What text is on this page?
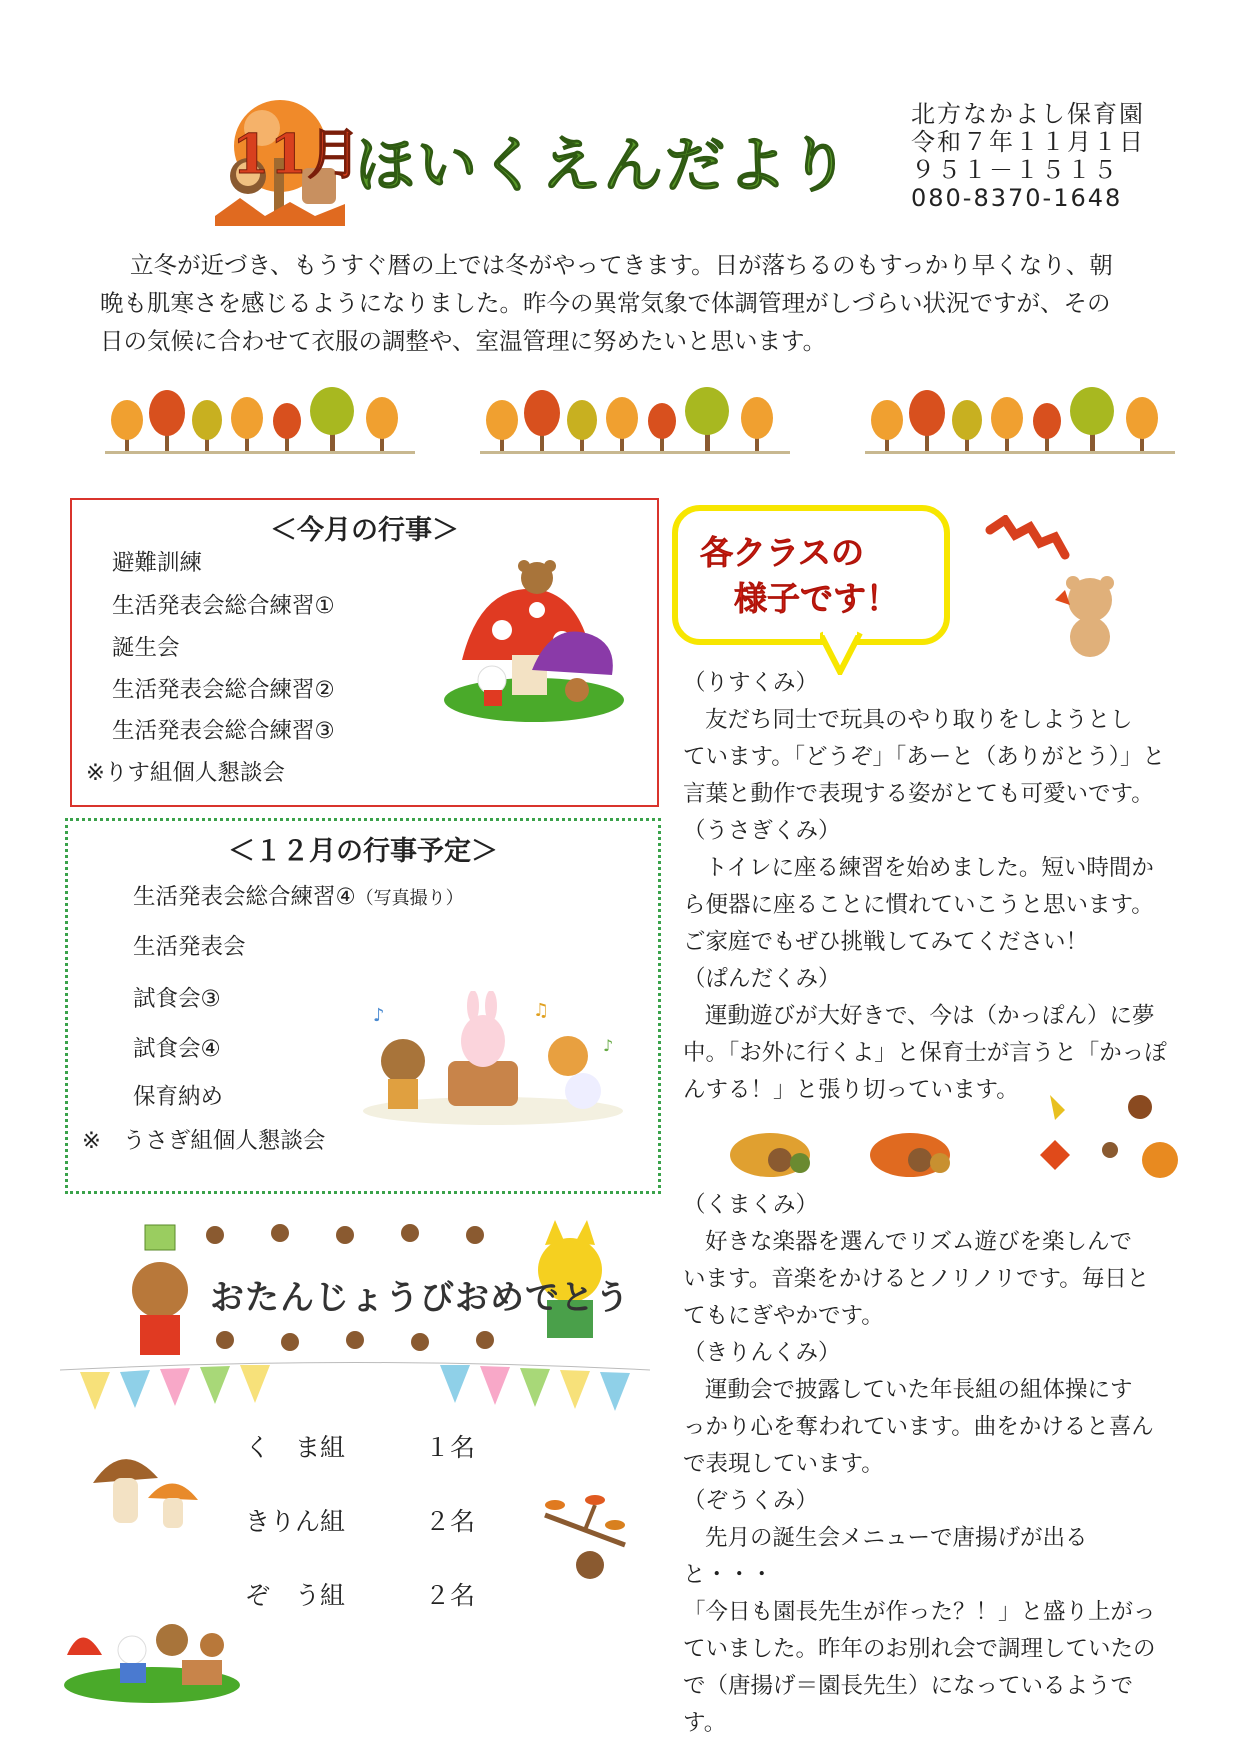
11月
ほいくえんだより
北方なかよし保育園
令和７年１１月１日
９５１－１５１５
080-8370-1648

立冬が近づき、もうすぐ暦の上では冬がやってきます。日が落ちるのもすっかり早くなり、朝

晩も肌寒さを感じるようになりました。昨今の異常気象で体調管理がしづらい状況ですが、その

日の気候に合わせて衣服の調整や、室温管理に努めたいと思います。

＜今月の行事＞
避難訓練
生活発表会総合練習①
誕生会
生活発表会総合練習②
生活発表会総合練習③
※りす組個人懇談会
＜１２月の行事予定＞
生活発表会総合練習④（写真撮り）
生活発表会
試食会③
試食会④
保育納め
※ うさぎ組個人懇談会
♪	♫
♪
各クラスの
様子です！
（りすくみ）
友だち同士で玩具のやり取りをしようとし
ています。「どうぞ」「あーと（ありがとう）」と
言葉と動作で表現する姿がとても可愛いです。
（うさぎくみ）
トイレに座る練習を始めました。短い時間か
ら便器に座ることに慣れていこうと思います。
ご家庭でもぜひ挑戦してみてください！
（ぱんだくみ）
運動遊びが大好きで、今は（かっぽん）に夢
中。「お外に行くよ」と保育士が言うと「かっぽ
んする！」と張り切っています。
（くまくみ）
好きな楽器を選んでリズム遊びを楽しんで
います。音楽をかけるとノリノリです。毎日と
てもにぎやかです。
（きりんくみ）
運動会で披露していた年長組の組体操にす
っかり心を奪われています。曲をかけると喜ん
で表現しています。
（ぞうくみ）
先月の誕生会メニューで唐揚げが出ると・・・
「今日も園長先生が作った？！」と盛り上がっ
ていました。昨年のお別れ会で調理していたの
で（唐揚げ＝園長先生）になっているようです。
おたんじょうびおめでとう
く　ま組	１名
きりん組	２名
ぞ　う組	２名
